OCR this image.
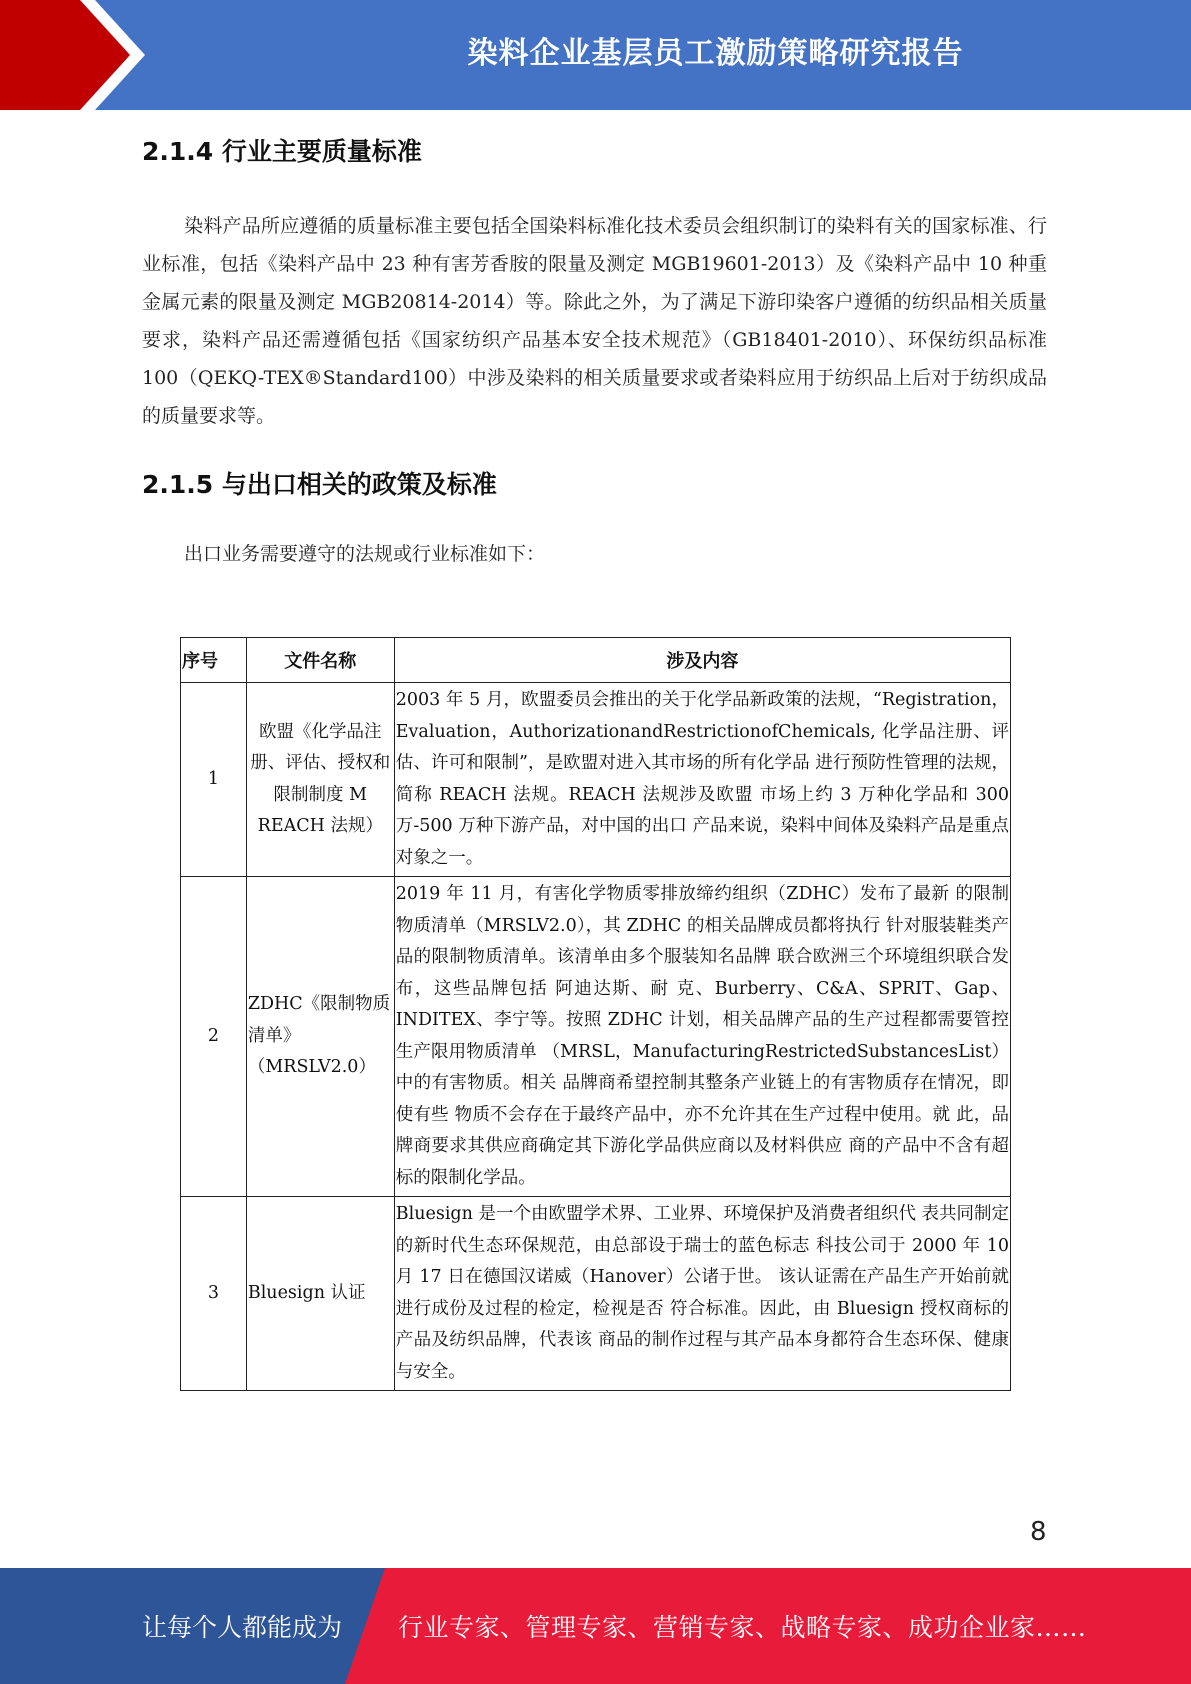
染料企业基层员工激励策略研究报告
2.1.4 行业主要质量标准
染料产品所应遵循的质量标准主要包括全国染料标准化技术委员会组织制订的染料有关的国家标准、行业标准，包括《染料产品中 23 种有害芳香胺的限量及测定 MGB19601-2013）及《染料产品中 10 种重金属元素的限量及测定 MGB20814-2014）等。除此之外，为了满足下游印染客户遵循的纺织品相关质量要求，染料产品还需遵循包括《国家纺织产品基本安全技术规范》（GB18401-2010）、环保纺织品标准 100（QEKQ-TEX®Standard100）中涉及染料的相关质量要求或者染料应用于纺织品上后对于纺织成品的质量要求等。
2.1.5 与出口相关的政策及标准
出口业务需要遵守的法规或行业标准如下：
序号	文件名称	涉及内容
1	欧盟《化学品注册、评估、授权和限制制度 M REACH 法规）	2003 年 5 月，欧盟委员会推出的关于化学品新政策的法规，“Registration，Evaluation，AuthorizationandRestrictionofChemicals, 化学品注册、评估、许可和限制”，是欧盟对进入其市场的所有化学品 进行预防性管理的法规，简称 REACH 法规。REACH 法规涉及欧盟 市场上约 3 万种化学品和 300 万-500 万种下游产品，对中国的出口 产品来说，染料中间体及染料产品是重点对象之一。
2	ZDHC《限制物质清单》（MRSLV2.0）	2019 年 11 月，有害化学物质零排放缔约组织（ZDHC）发布了最新 的限制物质清单（MRSLV2.0），其 ZDHC 的相关品牌成员都将执行 针对服装鞋类产品的限制物质清单。该清单由多个服装知名品牌 联合欧洲三个环境组织联合发布，这些品牌包括 阿迪达斯、耐 克、Burberry、C&A、SPRIT、Gap、INDITEX、李宁等。按照 ZDHC 计划，相关品牌产品的生产过程都需要管控生产限用物质清单 （MRSL，ManufacturingRestrictedSubstancesList）中的有害物质。相关 品牌商希望控制其整条产业链上的有害物质存在情况，即使有些 物质不会存在于最终产品中，亦不允许其在生产过程中使用。就 此，品牌商要求其供应商确定其下游化学品供应商以及材料供应 商的产品中不含有超标的限制化学品。
3	Bluesign 认证	Bluesign 是一个由欧盟学术界、工业界、环境保护及消费者组织代 表共同制定的新时代生态环保规范，由总部设于瑞士的蓝色标志 科技公司于 2000 年 10 月 17 日在德国汉诺威（Hanover）公诸于世。 该认证需在产品生产开始前就进行成份及过程的检定，检视是否 符合标准。因此，由 Bluesign 授权商标的产品及纺织品牌，代表该 商品的制作过程与其产品本身都符合生态环保、健康与安全。
8
让每个人都能成为 行业专家、管理专家、营销专家、战略专家、成功企业家……
